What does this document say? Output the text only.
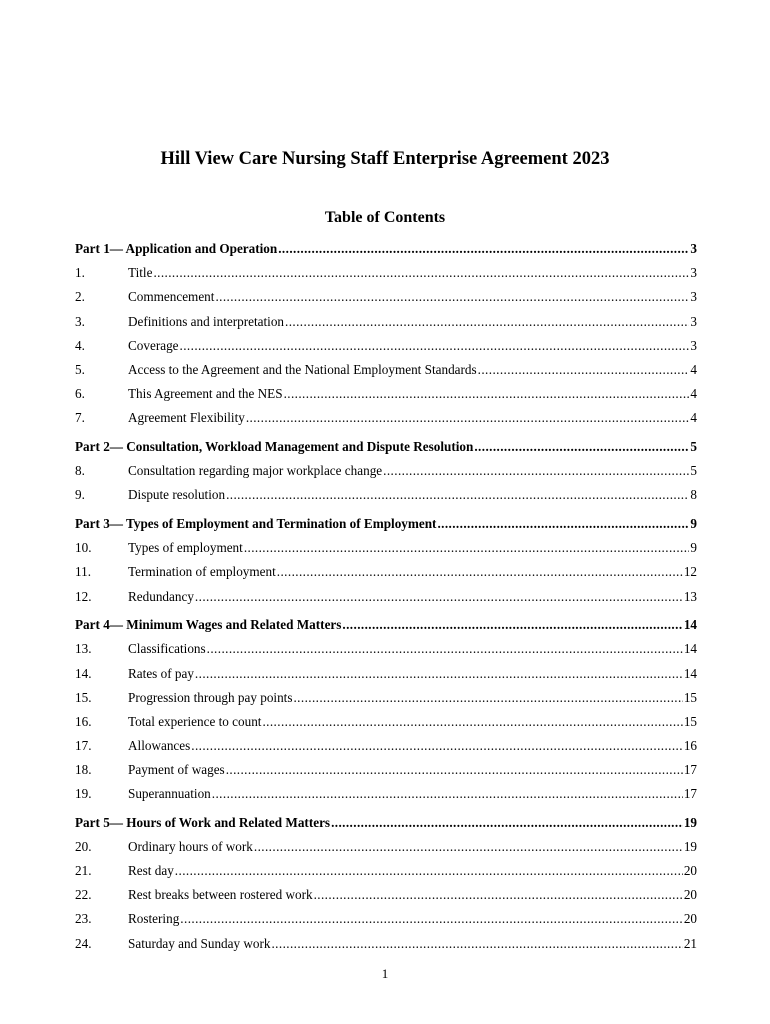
Hill View Care Nursing Staff Enterprise Agreement 2023
Table of Contents
Part 1— Application and Operation .....	3
1.	Title .....	3
2.	Commencement .....	3
3.	Definitions and interpretation .....	3
4.	Coverage .....	3
5.	Access to the Agreement and the National Employment Standards .....	4
6.	This Agreement and the NES .....	4
7.	Agreement Flexibility .....	4
Part 2— Consultation, Workload Management and Dispute Resolution .....	5
8.	Consultation regarding major workplace change .....	5
9.	Dispute resolution .....	8
Part 3— Types of Employment and Termination of Employment .....	9
10.	Types of employment .....	9
11.	Termination of employment .....	12
12.	Redundancy .....	13
Part 4— Minimum Wages and Related Matters .....	14
13.	Classifications .....	14
14.	Rates of pay .....	14
15.	Progression through pay points .....	15
16.	Total experience to count .....	15
17.	Allowances .....	16
18.	Payment of wages .....	17
19.	Superannuation .....	17
Part 5— Hours of Work and Related Matters .....	19
20.	Ordinary hours of work .....	19
21.	Rest day .....	20
22.	Rest breaks between rostered work .....	20
23.	Rostering .....	20
24.	Saturday and Sunday work .....	21
1
